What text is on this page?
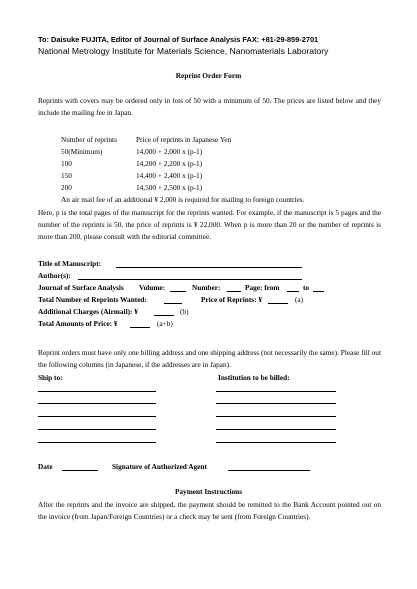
To: Daisuke FUJITA, Editor of Journal of Surface Analysis FAX: +81-29-859-2701
National Metrology Institute for Materials Science, Nanomaterials Laboratory
Reprint Order Form
Reprints with covers may be ordered only in lots of 50 with a minimum of 50. The prices are listed below and they include the mailing fee in Japan.
Number of reprints	Price of reprints in Japanese Yen
50(Minimum)	14,000 + 2,000 x (p-1)
100	14,200 + 2,200 x (p-1)
150	14,400 + 2,400 x (p-1)
200	14,500 + 2,500 x (p-1)
An air mail fee of an additional ¥ 2,000 is required for mailing to foreign countries.
Here, p is the total pages of the manuscript for the reprints wanted. For example, if the manuscript is 5 pages and the number of the reprints is 50, the price of reprints is ¥ 22,000. When p is more than 20 or the number of reprints is more than 200, please consult with the editorial committee.
Title of Manuscript:
Author(s):
Journal of Surface Analysis Volume:	Number:	Page: from	to
Total Number of Reprints Wanted:	Price of Reprints: ¥	(a)
Additional Charges (Airmail): ¥	(b)
Total Amounts of Price: ¥	(a+b)
Reprint orders must have only one billing address and one shipping address (not necessarily the same). Please fill out the following columns (in Japanese, if the addresses are in Japan).
Ship to:	Institution to be billed:
Date	Signature of Authorized Agent
Payment Instructions
After the reprints and the invoice are shipped, the payment should be remitted to the Bank Account pointed out on the invoice (from Japan/Foreign Countries) or a check may be sent (from Foreign Countries).
